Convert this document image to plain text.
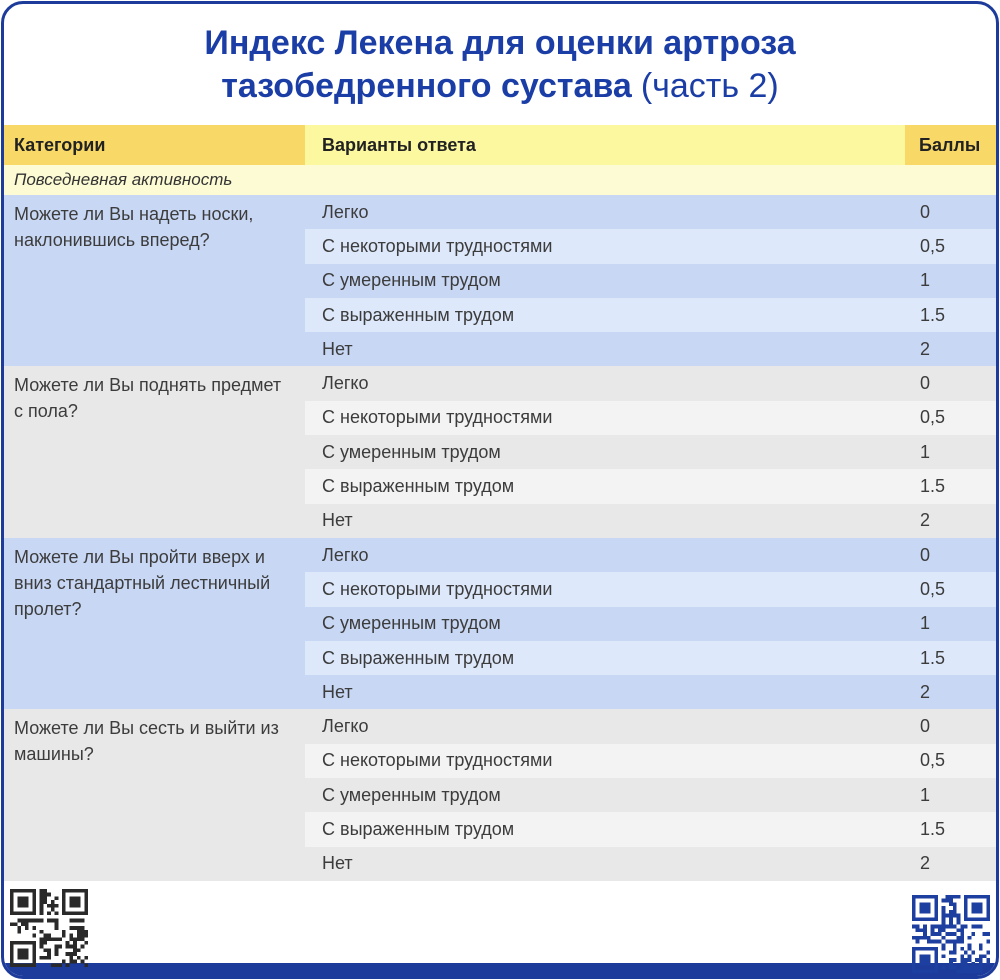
Индекс Лекена для оценки артроза
тазобедренного сустава (часть 2)
Категории	Варианты ответа	Баллы
Повседневная активность
Можете ли Вы надеть носки, наклонившись вперед?
Легко	0
С некоторыми трудностями	0,5
С умеренным трудом	1
С выраженным трудом	1.5
Нет	2
Можете ли Вы поднять предмет с пола?
Легко	0
С некоторыми трудностями	0,5
С умеренным трудом	1
С выраженным трудом	1.5
Нет	2
Можете ли Вы пройти вверх и вниз стандартный лестничный пролет?
Легко	0
С некоторыми трудностями	0,5
С умеренным трудом	1
С выраженным трудом	1.5
Нет	2
Можете ли Вы сесть и выйти из машины?
Легко	0
С некоторыми трудностями	0,5
С умеренным трудом	1
С выраженным трудом	1.5
Нет	2
